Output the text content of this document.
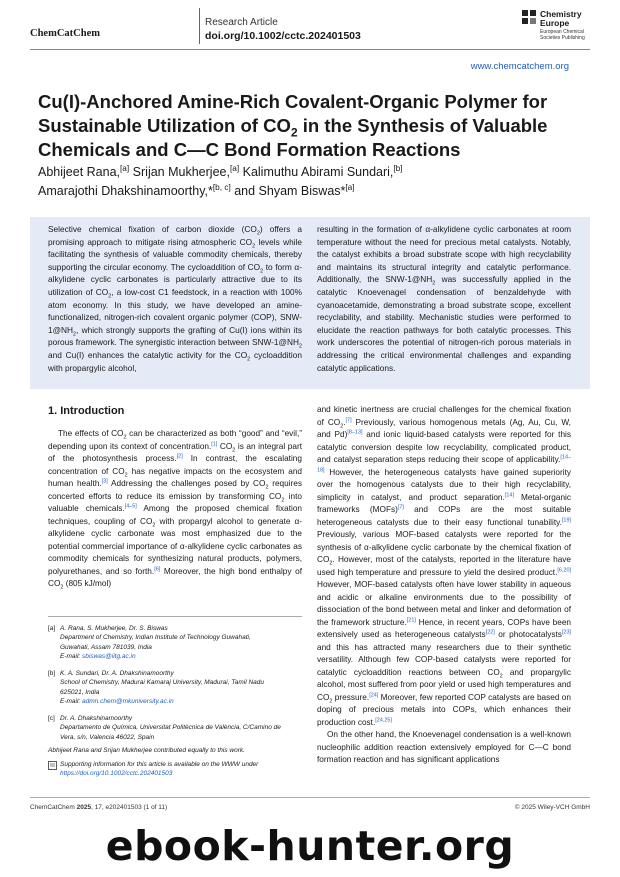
ChemCatChem
Research Article
doi.org/10.1002/cctc.202401503
Chemistry
Europe
European Chemical
Societies Publishing
www.chemcatchem.org
Cu(I)-Anchored Amine-Rich Covalent-Organic Polymer for
Sustainable Utilization of $CO_2$ in the Synthesis of Valuable
Chemicals and C—C Bond Formation Reactions
Abhijeet Rana,[a] Srijan Mukherjee,[a] Kalimuthu Abirami Sundari,[b]
Amarajothi Dhakshinamoorthy,*[b, c] and Shyam Biswas*[a]
Selective chemical fixation of carbon dioxide $(CO_2)$ offers a promising approach to mitigate rising atmospheric $CO_2$ levels while facilitating the synthesis of valuable commodity chemicals, thereby supporting the circular economy. The cycloaddition of $CO_2$ to form α-alkylidene cyclic carbonates is particularly attractive due to its utilization of $CO_2$, a low-cost C1 feedstock, in a reaction with 100% atom economy. In this study, we have developed an amine-functionalized, nitrogen-rich covalent organic polymer (COP), SNW-$1@NH_2$, which strongly supports the grafting of Cu(I) ions within its porous framework. The synergistic interaction between SNW-$1@NH_2$ and Cu(I) enhances the catalytic activity for the $CO_2$ cycloaddition with propargylic alcohol,
resulting in the formation of α-alkylidene cyclic carbonates at room temperature without the need for precious metal catalysts. Notably, the catalyst exhibits a broad substrate scope with high recyclability and maintains its structural integrity and catalytic performance. Additionally, the SNW-$1@NH_2$ was successfully applied in the catalytic Knoevenagel condensation of benzaldehyde with cyanoacetamide, demonstrating a broad substrate scope, excellent recyclability, and stability. Mechanistic studies were performed to elucidate the reaction pathways for both catalytic processes. This work underscores the potential of nitrogen-rich porous materials in addressing the critical environmental challenges and expanding catalytic applications.
1. Introduction

The effects of $CO_2$ can be characterized as both “good” and “evil,” depending upon its context of concentration.[1] $CO_2$ is an integral part of the photosynthesis process.[2] In contrast, the escalating concentration of $CO_2$ has negative impacts on the ecosystem and human health.[3] Addressing the challenges posed by $CO_2$ requires concerted efforts to reduce its emission by transforming $CO_2$ into valuable chemicals.[4–5] Among the proposed chemical fixation techniques, coupling of $CO_2$ with propargyl alcohol to generate α-alkylidene cyclic carbonate was most emphasized due to the potential commercial importance of α-alkylidene cyclic carbonates as commodity chemicals for synthesizing natural products, polymers, polyurethanes, and so forth.[6] Moreover, the high bond enthalpy of $CO_2$ (805 kJ/mol)

and kinetic inertness are crucial challenges for the chemical fixation of $CO_2.[7]$ Previously, various homogenous metals (Ag, Au, Cu, W, and Pd)[8–13] and ionic liquid-based catalysts were reported for this catalytic conversion despite low recyclability, complicated product, and catalyst separation steps reducing their scope of applicability.[14–18] However, the heterogeneous catalysts have gained superiority over the homogenous catalysts due to their high recyclability, simplicity in catalyst, and product separation.[14] Metal-organic frameworks (MOFs)[7] and COPs are the most suitable heterogeneous catalysts due to their easy functional tunability.[19] Previously, various MOF-based catalysts were reported for the synthesis of α-alkylidene cyclic carbonate by the chemical fixation of $CO_2$. However, most of the catalysts, reported in the literature have used high temperature and pressure to yield the desired product.[6,20] However, MOF-based catalysts often have lower stability in aqueous and acidic or alkaline environments due to the possibility of dissociation of the bond between metal and linker and deformation of the framework structure.[21] Hence, in recent years, COPs have been extensively used as heterogeneous catalysts[22] or photocatalysts[23] and this has attracted many researchers due to their synthetic versatility. Although few COP-based catalysts were reported for catalytic cycloaddition reactions between $CO_2$ and propargylic alcohol, most suffered from poor yield or used high temperatures and $CO_2$ pressure.[24] Moreover, few reported COP catalysts are based on doping of precious metals into COPs, which enhances their production cost.[24,25]

On the other hand, the Knoevenagel condensation is a well-known nucleophilic addition reaction extensively employed for C—C bond formation reaction and has significant applications

[a] A. Rana, S. Mukherjee, Dr. S. Biswas
Department of Chemistry, Indian Institute of Technology Guwahati,
Guwahati, Assam 781039, India
E-mail: sbiswas@iitg.ac.in
[b] K. A. Sundari, Dr. A. Dhakshinamoorthy
School of Chemistry, Madurai Kamaraj University, Madurai, Tamil Nadu
625021, India
E-mail: admn.chem@mkuniversity.ac.in
[c] Dr. A. Dhakshinamoorthy
Departamento de Química, Universitat Politècnica de València, C/Camino de
Vera, s/n, Valencia 46022, Spain
Abhijeet Rana and Srijan Mukherjee contributed equally to this work.
Supporting information for this article is available on the WWW under
https://doi.org/10.1002/cctc.202401503
ChemCatChem 2025, 17, e202401503 (1 of 11)	© 2025 Wiley-VCH GmbH
ebook-hunter.org
